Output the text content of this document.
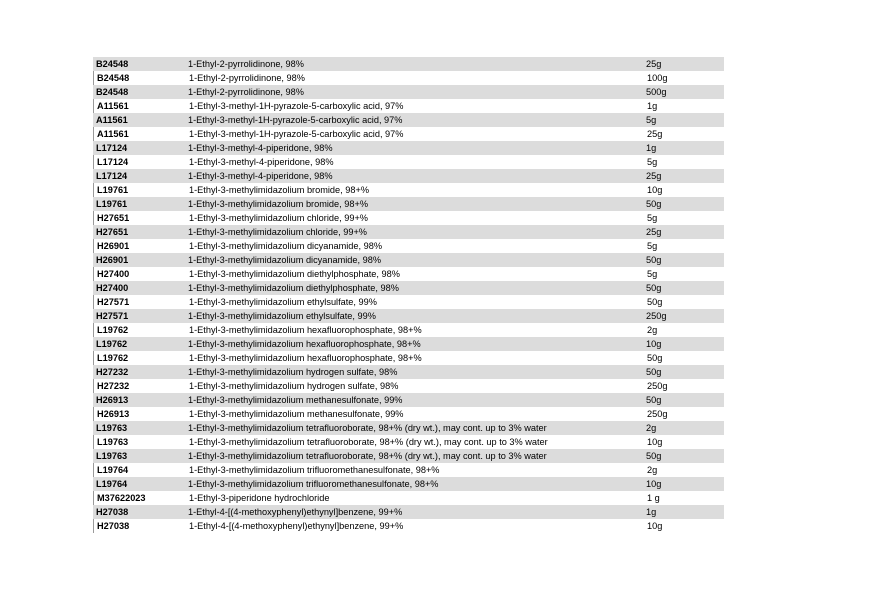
B24548	1-Ethyl-2-pyrrolidinone, 98%	25g
B24548	1-Ethyl-2-pyrrolidinone, 98%	100g
B24548	1-Ethyl-2-pyrrolidinone, 98%	500g
A11561	1-Ethyl-3-methyl-1H-pyrazole-5-carboxylic acid, 97%	1g
A11561	1-Ethyl-3-methyl-1H-pyrazole-5-carboxylic acid, 97%	5g
A11561	1-Ethyl-3-methyl-1H-pyrazole-5-carboxylic acid, 97%	25g
L17124	1-Ethyl-3-methyl-4-piperidone, 98%	1g
L17124	1-Ethyl-3-methyl-4-piperidone, 98%	5g
L17124	1-Ethyl-3-methyl-4-piperidone, 98%	25g
L19761	1-Ethyl-3-methylimidazolium bromide, 98+%	10g
L19761	1-Ethyl-3-methylimidazolium bromide, 98+%	50g
H27651	1-Ethyl-3-methylimidazolium chloride, 99+%	5g
H27651	1-Ethyl-3-methylimidazolium chloride, 99+%	25g
H26901	1-Ethyl-3-methylimidazolium dicyanamide, 98%	5g
H26901	1-Ethyl-3-methylimidazolium dicyanamide, 98%	50g
H27400	1-Ethyl-3-methylimidazolium diethylphosphate, 98%	5g
H27400	1-Ethyl-3-methylimidazolium diethylphosphate, 98%	50g
H27571	1-Ethyl-3-methylimidazolium ethylsulfate, 99%	50g
H27571	1-Ethyl-3-methylimidazolium ethylsulfate, 99%	250g
L19762	1-Ethyl-3-methylimidazolium hexafluorophosphate, 98+%	2g
L19762	1-Ethyl-3-methylimidazolium hexafluorophosphate, 98+%	10g
L19762	1-Ethyl-3-methylimidazolium hexafluorophosphate, 98+%	50g
H27232	1-Ethyl-3-methylimidazolium hydrogen sulfate, 98%	50g
H27232	1-Ethyl-3-methylimidazolium hydrogen sulfate, 98%	250g
H26913	1-Ethyl-3-methylimidazolium methanesulfonate, 99%	50g
H26913	1-Ethyl-3-methylimidazolium methanesulfonate, 99%	250g
L19763	1-Ethyl-3-methylimidazolium tetrafluoroborate, 98+% (dry wt.), may cont. up to 3% water	2g
L19763	1-Ethyl-3-methylimidazolium tetrafluoroborate, 98+% (dry wt.), may cont. up to 3% water	10g
L19763	1-Ethyl-3-methylimidazolium tetrafluoroborate, 98+% (dry wt.), may cont. up to 3% water	50g
L19764	1-Ethyl-3-methylimidazolium trifluoromethanesulfonate, 98+%	2g
L19764	1-Ethyl-3-methylimidazolium trifluoromethanesulfonate, 98+%	10g
M37622023	1-Ethyl-3-piperidone hydrochloride	1 g
H27038	1-Ethyl-4-[(4-methoxyphenyl)ethynyl]benzene, 99+%	1g
H27038	1-Ethyl-4-[(4-methoxyphenyl)ethynyl]benzene, 99+%	10g
